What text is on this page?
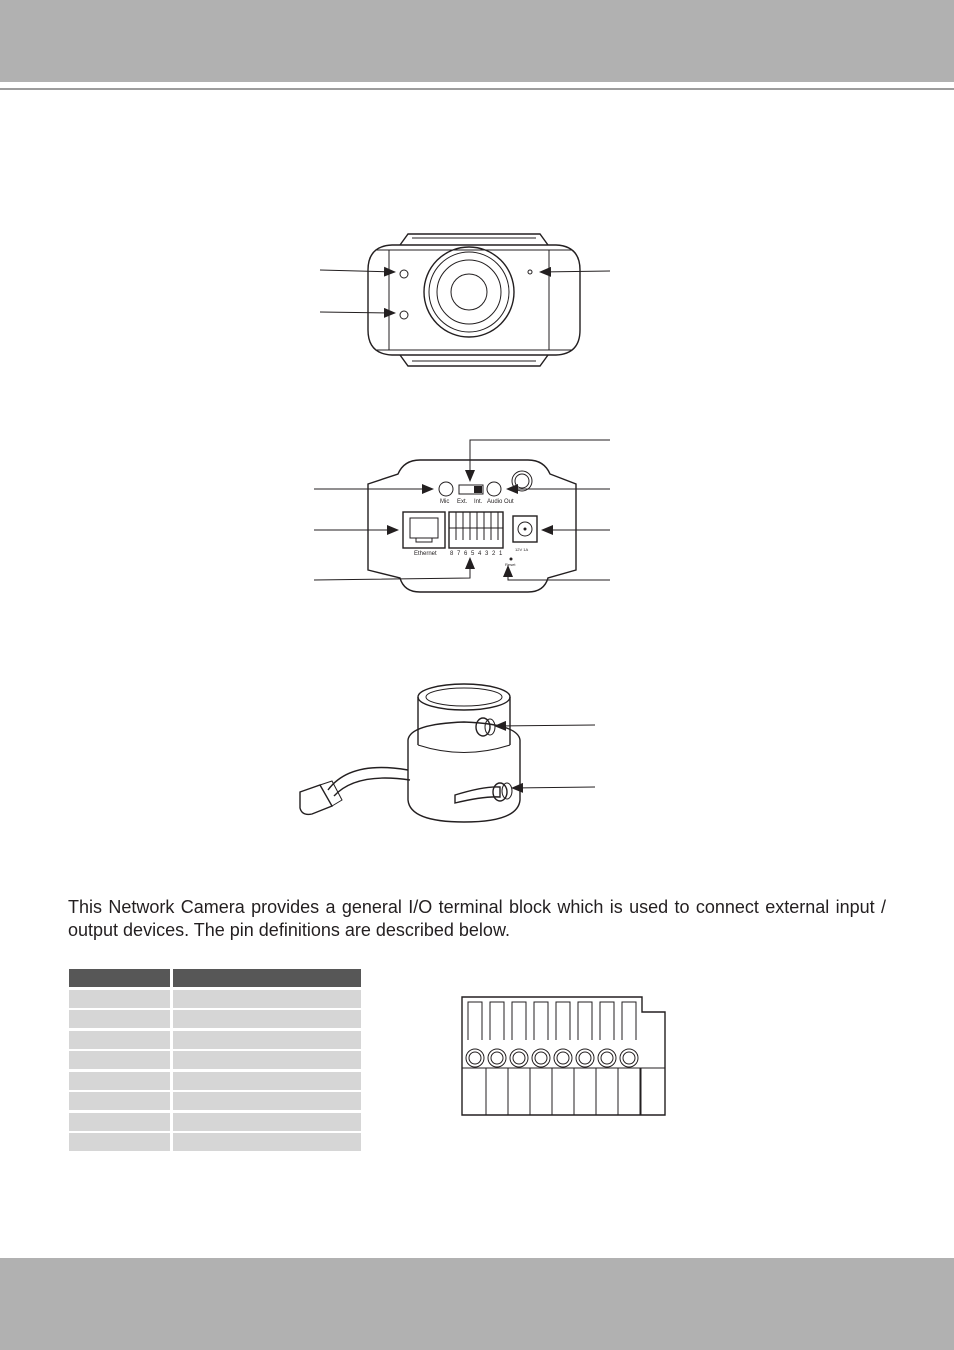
Mic Ext. Int. Audio Out
Ethernet 8 7 6 5 4 3 2 1
Reset
12V 1A

This Network Camera provides a general I/O terminal block which is used to connect external input / output devices. The pin definitions are described below.
